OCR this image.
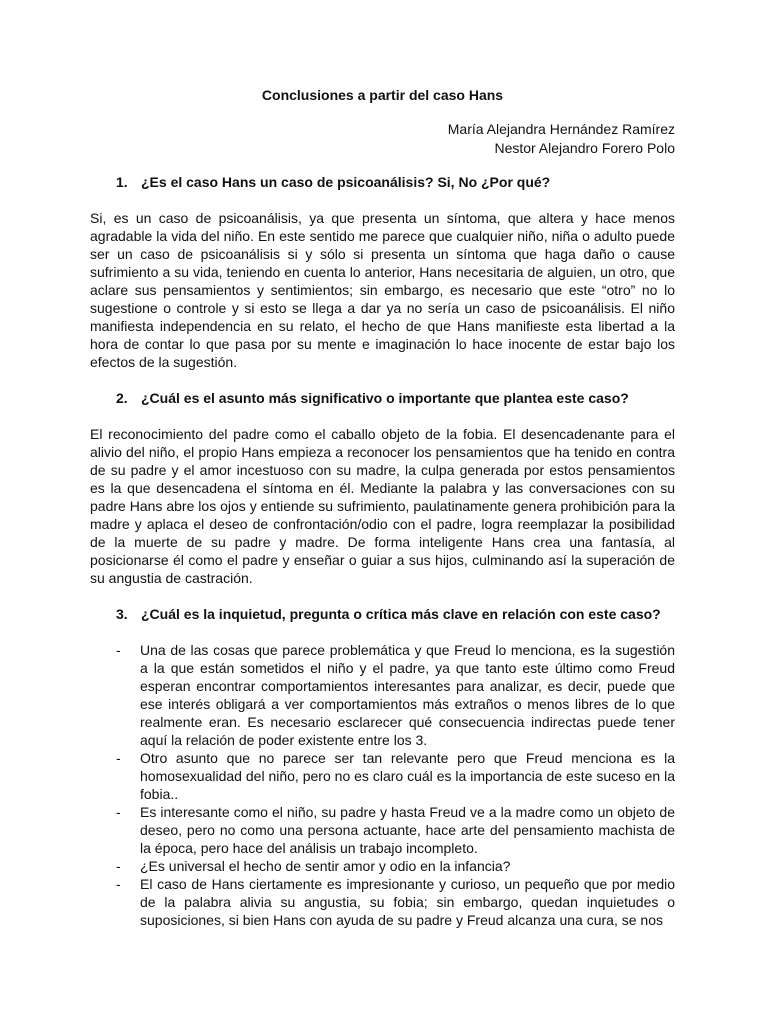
Conclusiones a partir del caso Hans
María Alejandra Hernández Ramírez
Nestor Alejandro Forero Polo
1. ¿Es el caso Hans un caso de psicoanálisis? Si, No ¿Por qué?

Si, es un caso de psicoanálisis, ya que presenta un síntoma, que altera y hace menos agradable la vida del niño. En este sentido me parece que cualquier niño, niña o adulto puede ser un caso de psicoanálisis si y sólo si presenta un síntoma que haga daño o cause sufrimiento a su vida, teniendo en cuenta lo anterior, Hans necesitaria de alguien, un otro, que aclare sus pensamientos y sentimientos; sin embargo, es necesario que este “otro” no lo sugestione o controle y si esto se llega a dar ya no sería un caso de psicoanálisis. El niño manifiesta independencia en su relato, el hecho de que Hans manifieste esta libertad a la hora de contar lo que pasa por su mente e imaginación lo hace inocente de estar bajo los efectos de la sugestión.

2. ¿Cuál es el asunto más significativo o importante que plantea este caso?

El reconocimiento del padre como el caballo objeto de la fobia. El desencadenante para el alivio del niño, el propio Hans empieza a reconocer los pensamientos que ha tenido en contra de su padre y el amor incestuoso con su madre, la culpa generada por estos pensamientos es la que desencadena el síntoma en él. Mediante la palabra y las conversaciones con su padre Hans abre los ojos y entiende su sufrimiento, paulatinamente genera prohibición para la madre y aplaca el deseo de confrontación/odio con el padre, logra reemplazar la posibilidad de la muerte de su padre y madre. De forma inteligente Hans crea una fantasía, al posicionarse él como el padre y enseñar o guiar a sus hijos, culminando así la superación de su angustia de castración.

3. ¿Cuál es la inquietud, pregunta o crítica más clave en relación con este caso?
- Una de las cosas que parece problemática y que Freud lo menciona, es la sugestión a la que están sometidos el niño y el padre, ya que tanto este último como Freud esperan encontrar comportamientos interesantes para analizar, es decir, puede que ese interés obligará a ver comportamientos más extraños o menos libres de lo que realmente eran. Es necesario esclarecer qué consecuencia indirectas puede tener aquí la relación de poder existente entre los 3.
- Otro asunto que no parece ser tan relevante pero que Freud menciona es la homosexualidad del niño, pero no es claro cuál es la importancia de este suceso en la fobia..
- Es interesante como el niño, su padre y hasta Freud ve a la madre como un objeto de deseo, pero no como una persona actuante, hace arte del pensamiento machista de la época, pero hace del análisis un trabajo incompleto.
- ¿Es universal el hecho de sentir amor y odio en la infancia?
- El caso de Hans ciertamente es impresionante y curioso, un pequeño que por medio de la palabra alivia su angustia, su fobia; sin embargo, quedan inquietudes o suposiciones, si bien Hans con ayuda de su padre y Freud alcanza una cura, se nos
